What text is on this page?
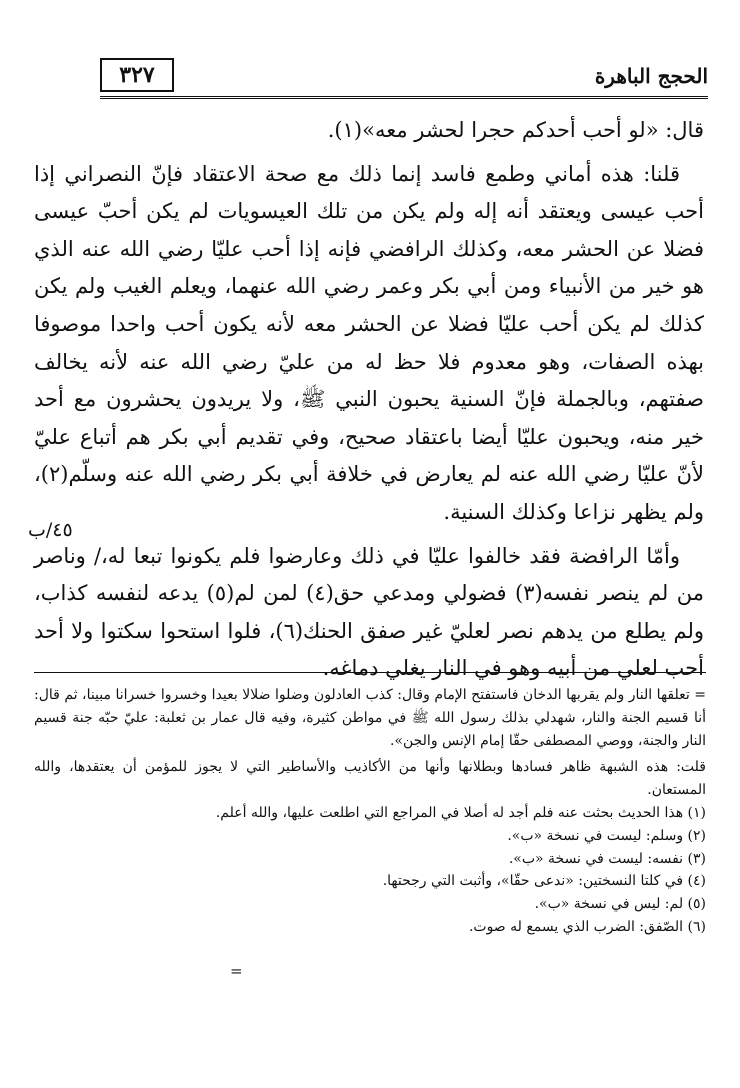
٣٢٧	الحجج الباهرة

قال: «لو أحب أحدكم حجرا لحشر معه»(١).

قلنا: هذه أماني وطمع فاسد إنما ذلك مع صحة الاعتقاد فإنّ النصراني إذا أحب عيسى ويعتقد أنه إله ولم يكن من تلك العيسويات لم يكن أحبّ عيسى فضلا عن الحشر معه، وكذلك الرافضي فإنه إذا أحب عليّا رضي الله عنه الذي هو خير من الأنبياء ومن أبي بكر وعمر رضي الله عنهما، ويعلم الغيب ولم يكن كذلك لم يكن أحب عليّا فضلا عن الحشر معه لأنه يكون أحب واحدا موصوفا بهذه الصفات، وهو معدوم فلا حظ له من عليّ رضي الله عنه لأنه يخالف صفتهم، وبالجملة فإنّ السنية يحبون النبي ﷺ، ولا يريدون يحشرون مع أحد خير منه، ويحبون عليّا أيضا باعتقاد صحيح، وفي تقديم أبي بكر هم أتباع عليّ لأنّ عليّا رضي الله عنه لم يعارض في خلافة أبي بكر رضي الله عنه وسلّم(٢)، ولم يظهر نزاعا وكذلك السنية.

وأمّا الرافضة فقد خالفوا عليّا في ذلك وعارضوا فلم يكونوا تبعا له،/ وناصر من لم ينصر نفسه(٣) فضولي ومدعي حق(٤) لمن لم(٥) يدعه لنفسه كذاب، ولم يطلع من يدهم نصر لعليّ غير صفق الحنك(٦)، فلوا استحوا سكتوا ولا أحد أحب لعلي من أبيه وهو في النار يغلي دماغه.

٤٥/ب

= تعلقها النار ولم يقربها الدخان فاستفتح الإمام وقال: كذب العادلون وضلوا ضلالا بعيدا وخسروا خسرانا مبينا، ثم قال: أنا قسيم الجنة والنار، شهدلي بذلك رسول الله ﷺ في مواطن كثيرة، وفيه قال عمار بن ثعلبة: عليّ حبّه جنة قسيم النار والجنة، ووصي المصطفى حقّا إمام الإنس والجن».

قلت: هذه الشبهة ظاهر فسادها وبطلانها وأنها من الأكاذيب والأساطير التي لا يجوز للمؤمن أن يعتقدها، والله المستعان.

(١) هذا الحديث بحثت عنه فلم أجد له أصلا في المراجع التي اطلعت عليها، والله أعلم.

(٢) وسلم: ليست في نسخة «ب».

(٣) نفسه: ليست في نسخة «ب».

(٤) في كلتا النسختين: «ندعى حقّا»، وأثبت التي رجحتها.

(٥) لم: ليس في نسخة «ب».

(٦) الصّفق: الضرب الذي يسمع له صوت.

=
